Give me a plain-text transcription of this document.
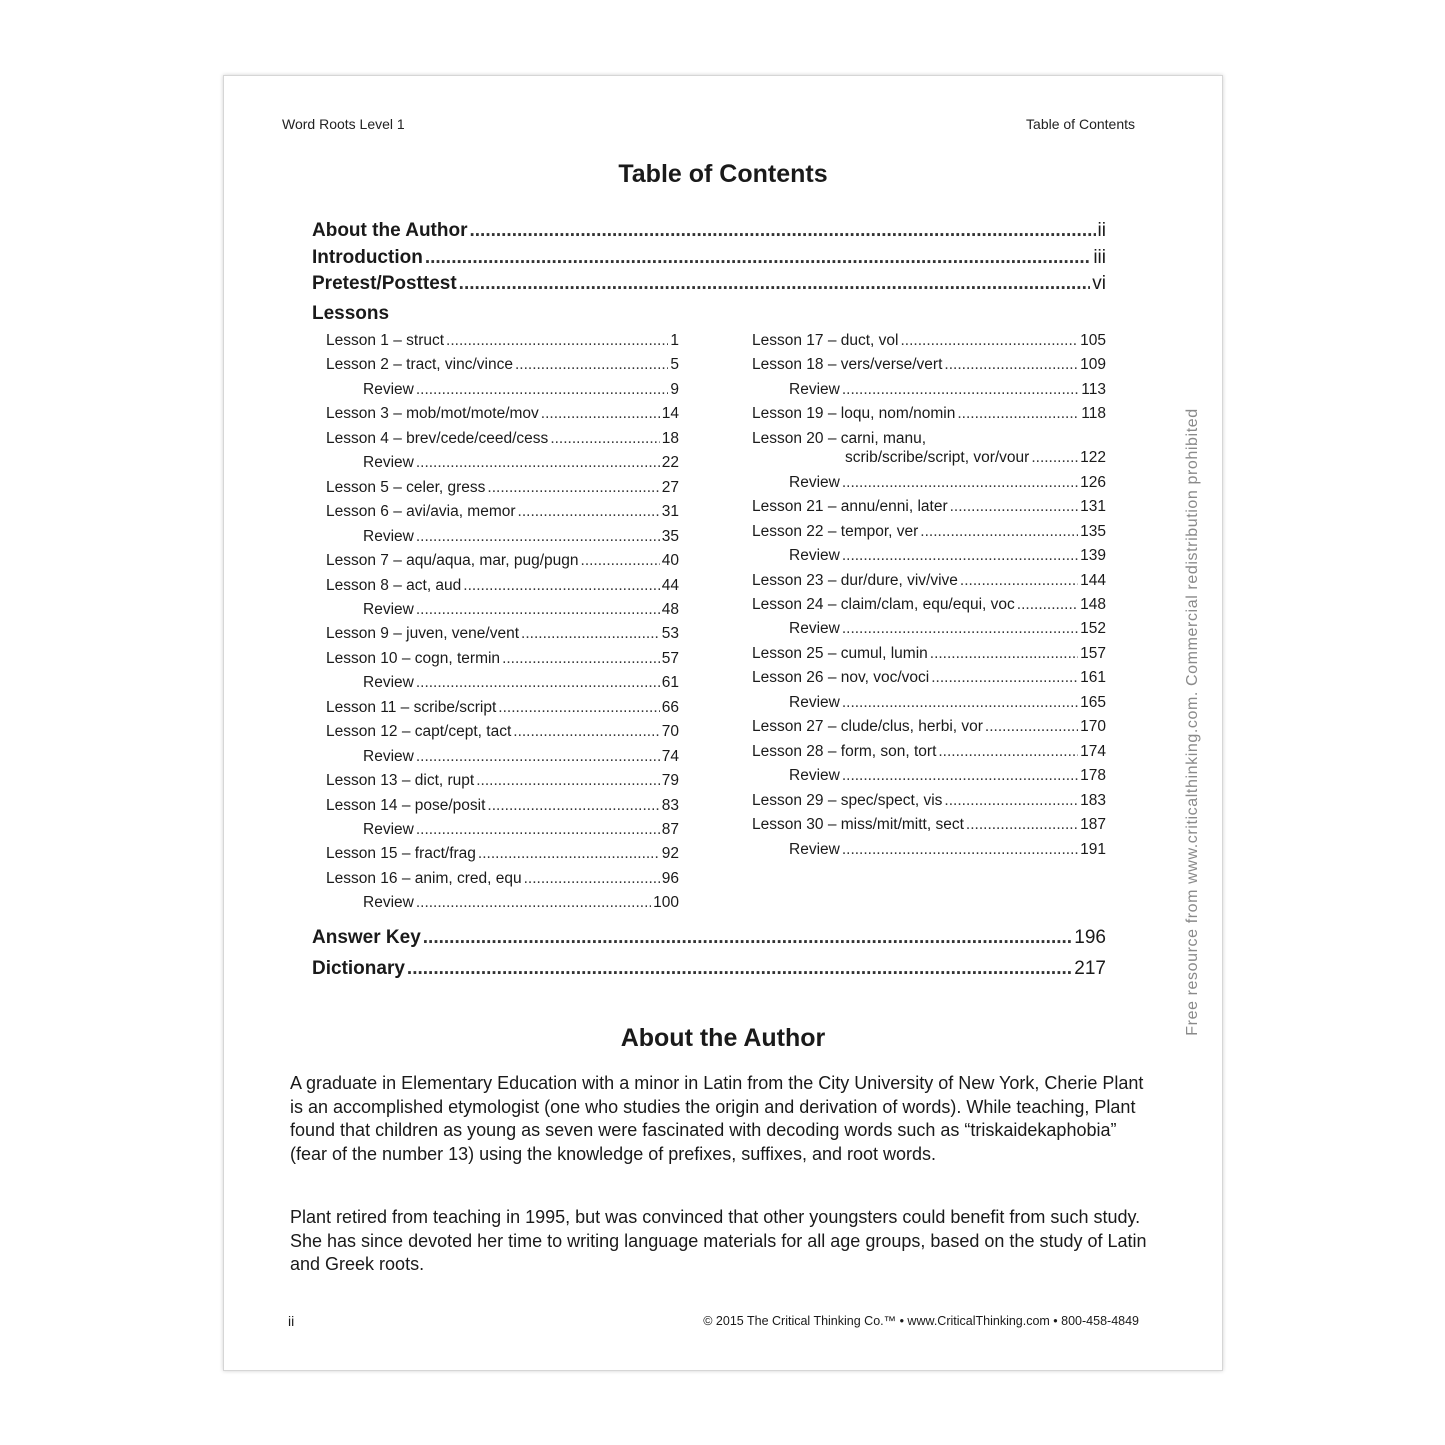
Word Roots Level 1	Table of Contents
Table of Contents
About the Author .....	ii
Introduction .....	iii
Pretest/Posttest .....	vi
Lessons
Lesson 1 – struct .....	1
Lesson 2 – tract, vinc/vince .....	5
Review .....	9
Lesson 3 – mob/mot/mote/mov .....	14
Lesson 4 – brev/cede/ceed/cess .....	18
Review .....	22
Lesson 5 – celer, gress .....	27
Lesson 6 – avi/avia, memor .....	31
Review .....	35
Lesson 7 – aqu/aqua, mar, pug/pugn .....	40
Lesson 8 – act, aud .....	44
Review .....	48
Lesson 9 – juven, vene/vent .....	53
Lesson 10 – cogn, termin .....	57
Review .....	61
Lesson 11 – scribe/script .....	66
Lesson 12 – capt/cept, tact .....	70
Review .....	74
Lesson 13 – dict, rupt .....	79
Lesson 14 – pose/posit .....	83
Review .....	87
Lesson 15 – fract/frag .....	92
Lesson 16 – anim, cred, equ .....	96
Review .....	100
Lesson 17 – duct, vol .....	105
Lesson 18 – vers/verse/vert .....	109
Review .....	113
Lesson 19 – loqu, nom/nomin .....	118
Lesson 20 – carni, manu,
scrib/scribe/script, vor/vour .....	122
Review .....	126
Lesson 21 – annu/enni, later .....	131
Lesson 22 – tempor, ver .....	135
Review .....	139
Lesson 23 – dur/dure, viv/vive .....	144
Lesson 24 – claim/clam, equ/equi, voc .....	148
Review .....	152
Lesson 25 – cumul, lumin .....	157
Lesson 26 – nov, voc/voci .....	161
Review .....	165
Lesson 27 – clude/clus, herbi, vor .....	170
Lesson 28 – form, son, tort .....	174
Review .....	178
Lesson 29 – spec/spect, vis .....	183
Lesson 30 – miss/mit/mitt, sect .....	187
Review .....	191
Answer Key .....	196
Dictionary .....	217
About the Author
A graduate in Elementary Education with a minor in Latin from the City University of New York, Cherie Plant is an accomplished etymologist (one who studies the origin and derivation of words). While teaching, Plant found that children as young as seven were fascinated with decoding words such as “triskaidekaphobia” (fear of the number 13) using the knowledge of prefixes, suffixes, and root words.
Plant retired from teaching in 1995, but was convinced that other youngsters could benefit from such study. She has since devoted her time to writing language materials for all age groups, based on the study of Latin and Greek roots.
ii	© 2015 The Critical Thinking Co.™ • www.CriticalThinking.com • 800-458-4849
Free resource from www.criticalthinking.com. Commercial redistribution prohibited
